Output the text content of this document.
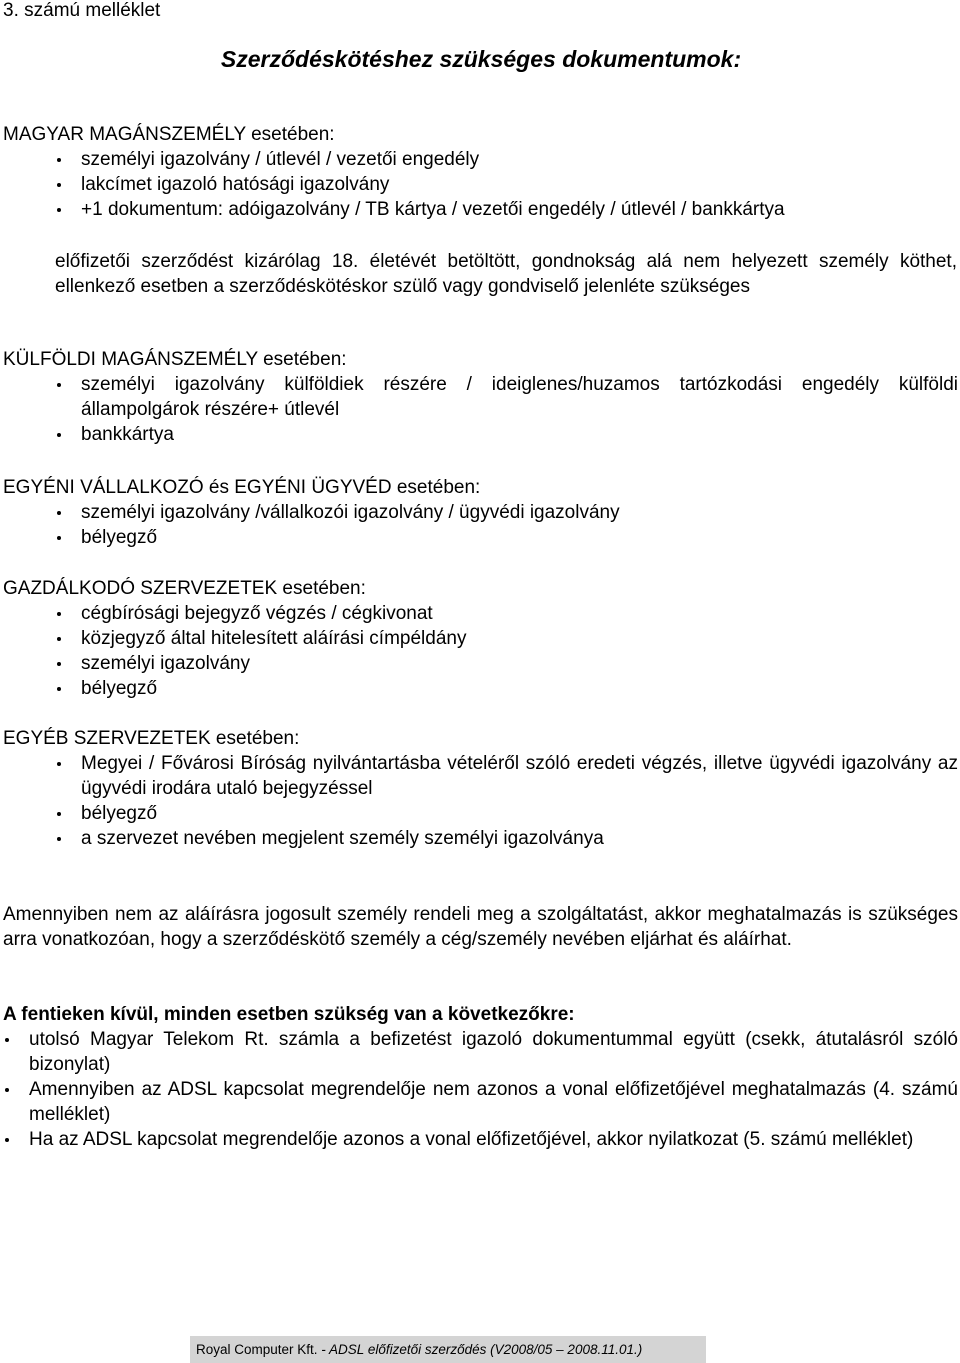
3. számú melléklet
Szerződéskötéshez szükséges dokumentumok:

MAGYAR MAGÁNSZEMÉLY esetében:

személyi igazolvány / útlevél / vezetői engedély
lakcímet igazoló hatósági igazolvány
+1 dokumentum: adóigazolvány / TB kártya / vezetői engedély / útlevél / bankkártya
előfizetői szerződést kizárólag 18. életévét betöltött, gondnokság alá nem helyezett személy köthet, ellenkező esetben a szerződéskötéskor szülő vagy gondviselő jelenléte szükséges

KÜLFÖLDI MAGÁNSZEMÉLY esetében:

személyi igazolvány külföldiek részére / ideiglenes/huzamos tartózkodási engedély külföldi állampolgárok részére+ útlevél
bankkártya

EGYÉNI VÁLLALKOZÓ és EGYÉNI ÜGYVÉD esetében:

személyi igazolvány /vállalkozói igazolvány / ügyvédi igazolvány
bélyegző

GAZDÁLKODÓ SZERVEZETEK esetében:

cégbírósági bejegyző végzés / cégkivonat
közjegyző által hitelesített aláírási címpéldány
személyi igazolvány
bélyegző

EGYÉB SZERVEZETEK esetében:

Megyei / Fővárosi Bíróság nyilvántartásba vételéről szóló eredeti végzés, illetve ügyvédi igazolvány az ügyvédi irodára utaló bejegyzéssel
bélyegző
a szervezet nevében megjelent személy személyi igazolványa
Amennyiben nem az aláírásra jogosult személy rendeli meg a szolgáltatást, akkor meghatalmazás is szükséges arra vonatkozóan, hogy a szerződéskötő személy a cég/személy nevében eljárhat és aláírhat.

A fentieken kívül, minden esetben szükség van a következőkre:

utolsó Magyar Telekom Rt. számla a befizetést igazoló dokumentummal együtt (csekk, átutalásról szóló bizonylat)
Amennyiben az ADSL kapcsolat megrendelője nem azonos a vonal előfizetőjével meghatalmazás (4. számú melléklet)
Ha az ADSL kapcsolat megrendelője azonos a vonal előfizetőjével, akkor nyilatkozat (5. számú melléklet)
Royal Computer Kft. - ADSL előfizetői szerződés (V2008/05 – 2008.11.01.)
